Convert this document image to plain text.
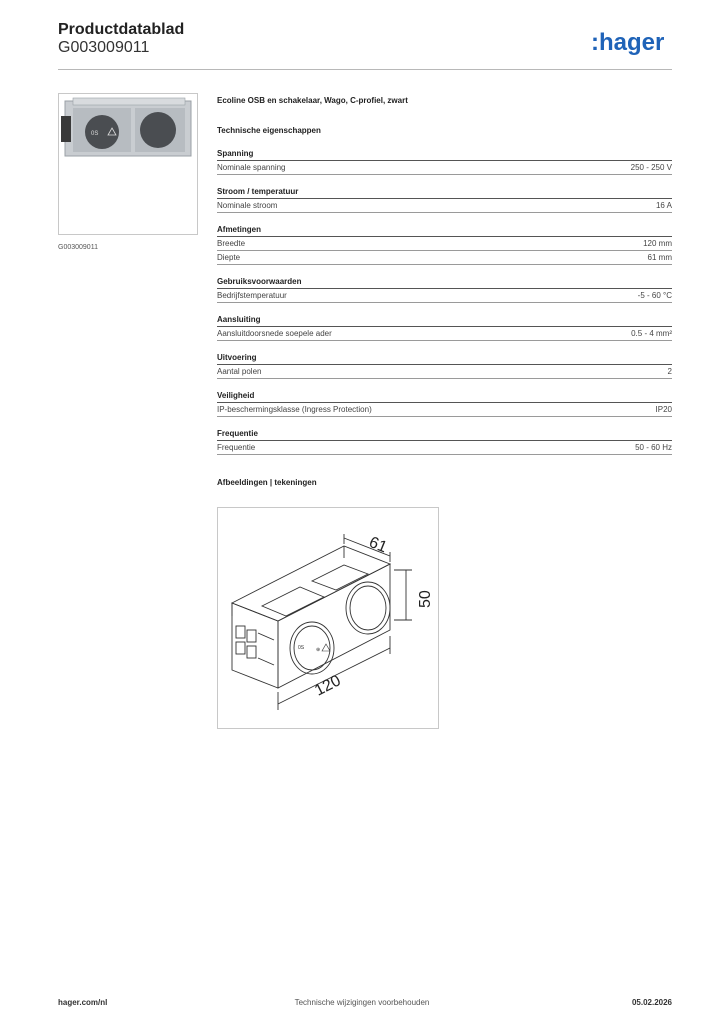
Productdatablad
G003009011	:hager
0S
G003009011
Ecoline OSB en schakelaar, Wago, C-profiel, zwart
Technische eigenschappen
Spanning
Nominale spanning	250 - 250 V
Stroom / temperatuur
Nominale stroom	16 A
Afmetingen
Breedte	120 mm
Diepte	61 mm
Gebruiksvoorwaarden
Bedrijfstemperatuur	-5 - 60 °C
Aansluiting
Aansluitdoorsnede soepele ader	0.5 - 4 mm²
Uitvoering
Aantal polen	2
Veiligheid
IP-beschermingsklasse (Ingress Protection)	IP20
Frequentie
Frequentie	50 - 60 Hz
Afbeeldingen | tekeningen
0S ⊕
61
50
120
hager.com/nl	Technische wijzigingen voorbehouden	05.02.2026
